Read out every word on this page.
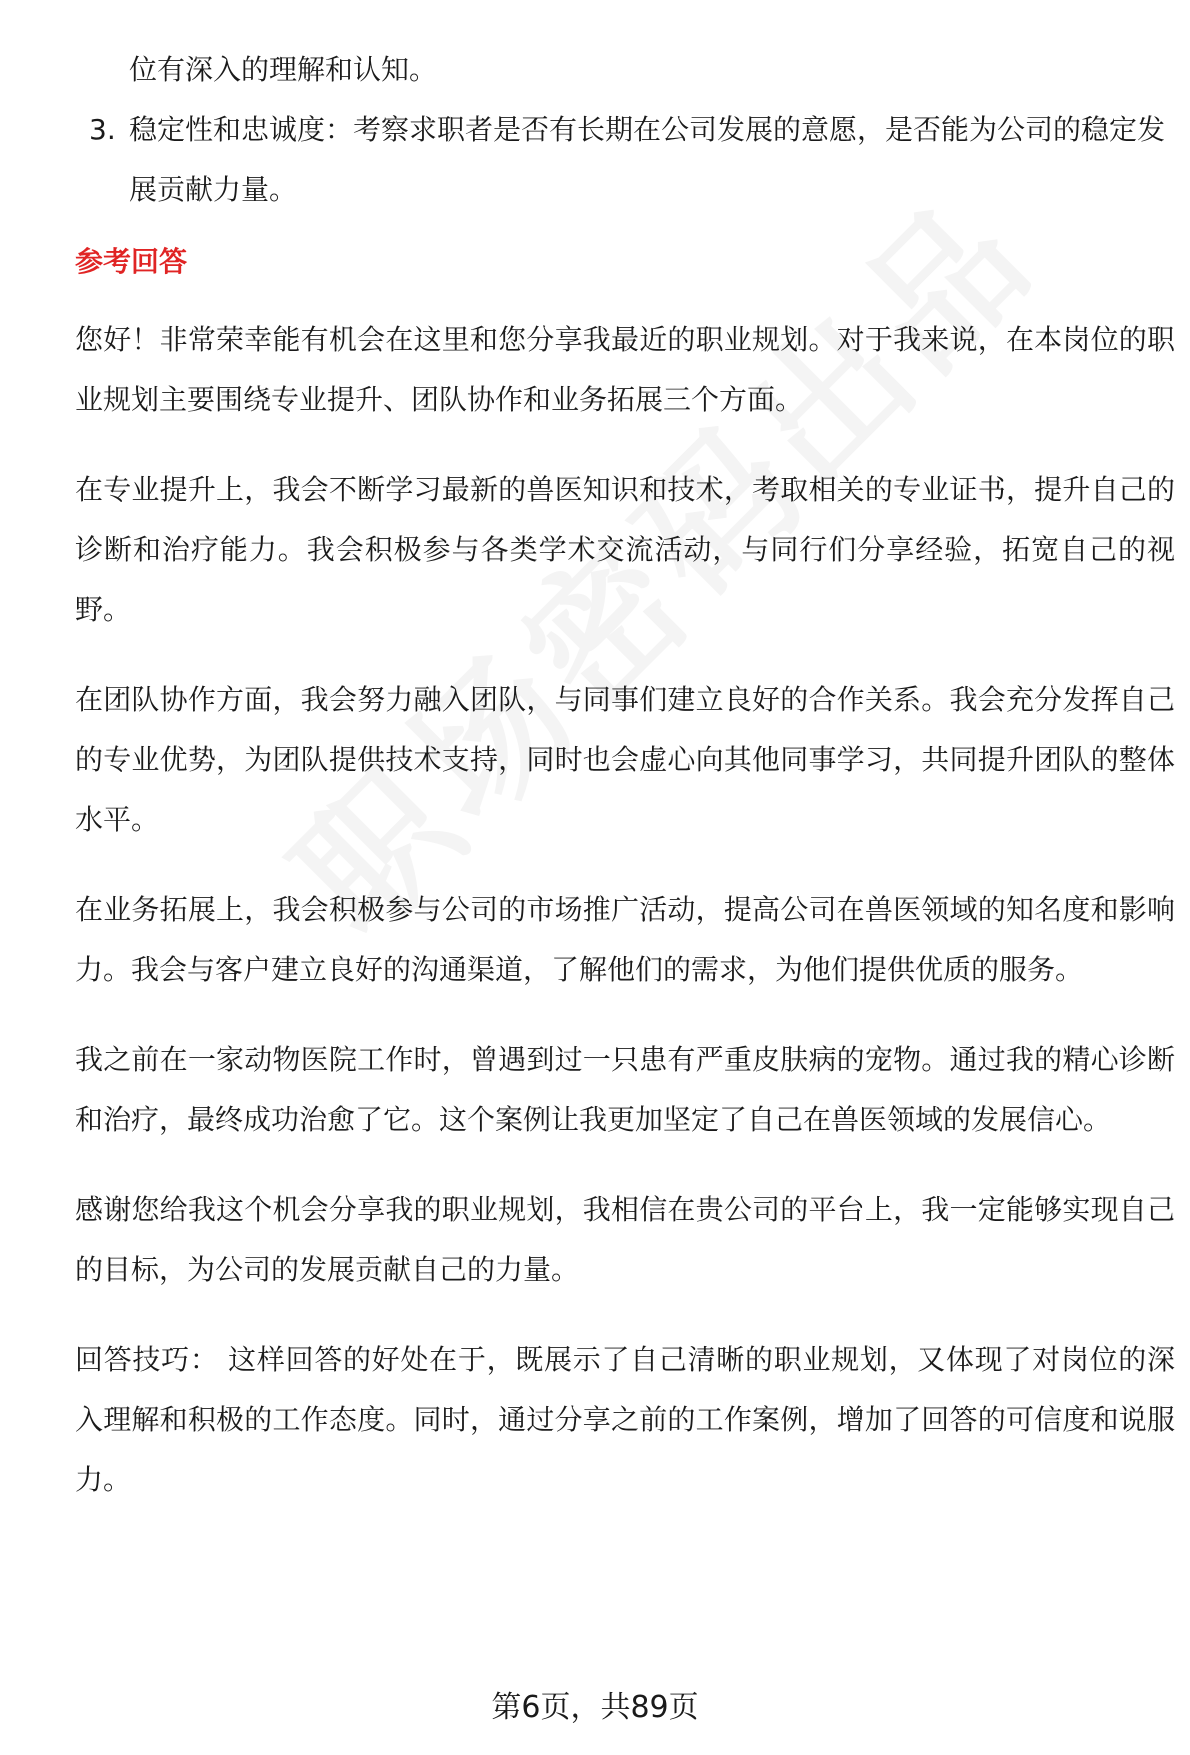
位有深入的理解和认知。
3. 稳定性和忠诚度：考察求职者是否有长期在公司发展的意愿，是否能为公司的稳定发展贡献力量。
参考回答

您好！非常荣幸能有机会在这里和您分享我最近的职业规划。对于我来说，在本岗位的职业规划主要围绕专业提升、团队协作和业务拓展三个方面。

在专业提升上，我会不断学习最新的兽医知识和技术，考取相关的专业证书，提升自己的诊断和治疗能力。我会积极参与各类学术交流活动，与同行们分享经验，拓宽自己的视野。

在团队协作方面，我会努力融入团队，与同事们建立良好的合作关系。我会充分发挥自己的专业优势，为团队提供技术支持，同时也会虚心向其他同事学习，共同提升团队的整体水平。

在业务拓展上，我会积极参与公司的市场推广活动，提高公司在兽医领域的知名度和影响力。我会与客户建立良好的沟通渠道，了解他们的需求，为他们提供优质的服务。

我之前在一家动物医院工作时，曾遇到过一只患有严重皮肤病的宠物。通过我的精心诊断和治疗，最终成功治愈了它。这个案例让我更加坚定了自己在兽医领域的发展信心。

感谢您给我这个机会分享我的职业规划，我相信在贵公司的平台上，我一定能够实现自己的目标，为公司的发展贡献自己的力量。

回答技巧： 这样回答的好处在于，既展示了自己清晰的职业规划，又体现了对岗位的深入理解和积极的工作态度。同时，通过分享之前的工作案例，增加了回答的可信度和说服力。

第6页，共89页
